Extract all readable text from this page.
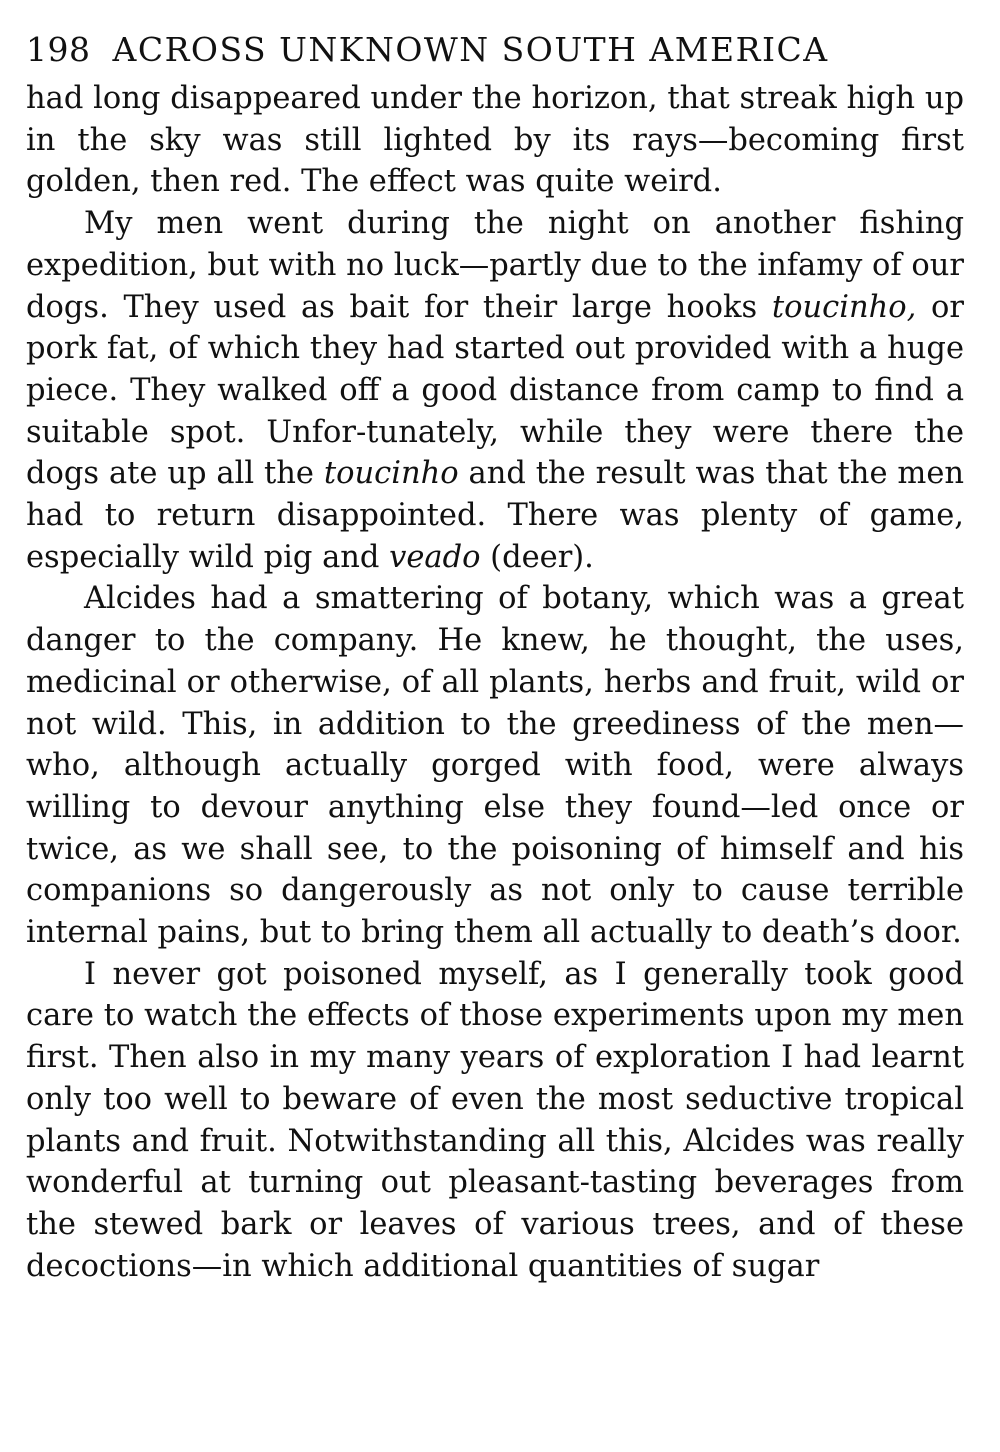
198 ACROSS UNKNOWN SOUTH AMERICA

had long disappeared under the horizon, that streak high up in the sky was still lighted by its rays—becoming first golden, then red. The effect was quite weird.

My men went during the night on another fishing expedition, but with no luck—partly due to the infamy of our dogs. They used as bait for their large hooks toucinho, or pork fat, of which they had started out provided with a huge piece. They walked off a good distance from camp to find a suitable spot. Unfor-tunately, while they were there the dogs ate up all the toucinho and the result was that the men had to return disappointed. There was plenty of game, especially wild pig and veado (deer).

Alcides had a smattering of botany, which was a great danger to the company. He knew, he thought, the uses, medicinal or otherwise, of all plants, herbs and fruit, wild or not wild. This, in addition to the greediness of the men—who, although actually gorged with food, were always willing to devour anything else they found—led once or twice, as we shall see, to the poisoning of himself and his companions so dangerously as not only to cause terrible internal pains, but to bring them all actually to death’s door.

I never got poisoned myself, as I generally took good care to watch the effects of those experiments upon my men first. Then also in my many years of exploration I had learnt only too well to beware of even the most seductive tropical plants and fruit. Notwithstanding all this, Alcides was really wonderful at turning out pleasant-tasting beverages from the stewed bark or leaves of various trees, and of these decoctions—in which additional quantities of sugar
